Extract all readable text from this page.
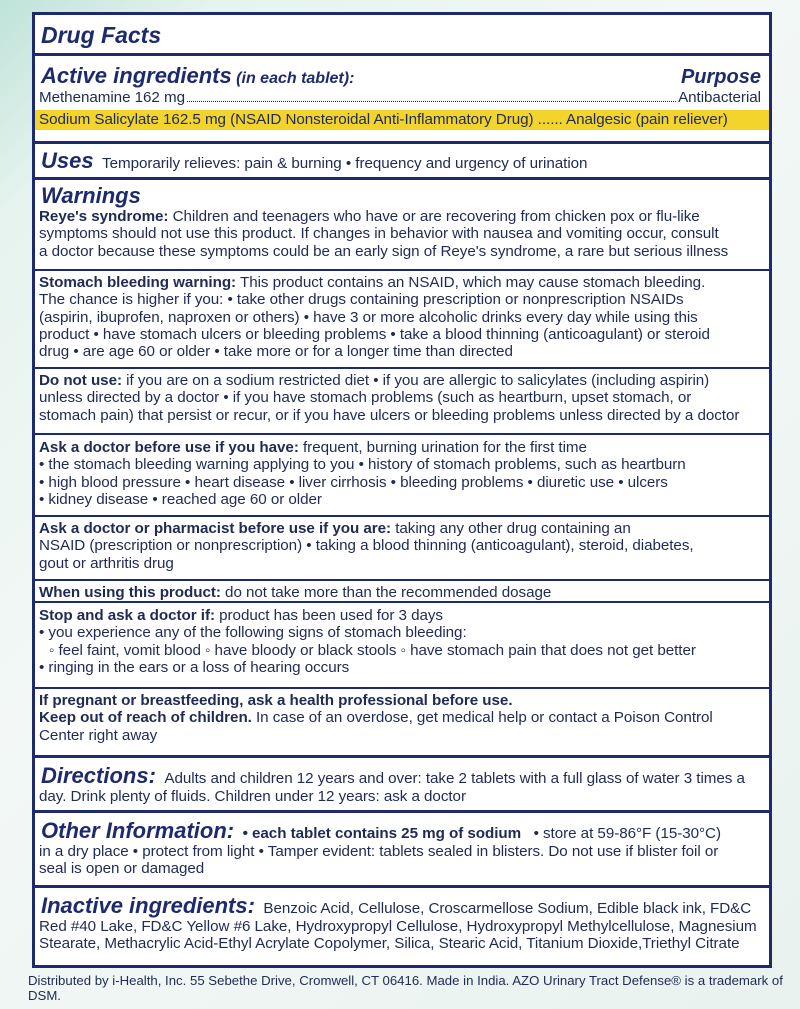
Drug Facts
Active ingredients (in each tablet):	Purpose
Methenamine 162 mg	Antibacterial
Sodium Salicylate 162.5 mg (NSAID Nonsteroidal Anti-Inflammatory Drug) ...... Analgesic (pain reliever)
Uses Temporarily relieves: pain & burning • frequency and urgency of urination
Warnings
Reye's syndrome: Children and teenagers who have or are recovering from chicken pox or flu-like
symptoms should not use this product. If changes in behavior with nausea and vomiting occur, consult
a doctor because these symptoms could be an early sign of Reye's syndrome, a rare but serious illness
Stomach bleeding warning: This product contains an NSAID, which may cause stomach bleeding.
The chance is higher if you: • take other drugs containing prescription or nonprescription NSAIDs
(aspirin, ibuprofen, naproxen or others) • have 3 or more alcoholic drinks every day while using this
product • have stomach ulcers or bleeding problems • take a blood thinning (anticoagulant) or steroid
drug • are age 60 or older • take more or for a longer time than directed
Do not use: if you are on a sodium restricted diet • if you are allergic to salicylates (including aspirin)
unless directed by a doctor • if you have stomach problems (such as heartburn, upset stomach, or
stomach pain) that persist or recur, or if you have ulcers or bleeding problems unless directed by a doctor
Ask a doctor before use if you have: frequent, burning urination for the first time
• the stomach bleeding warning applying to you • history of stomach problems, such as heartburn
• high blood pressure • heart disease • liver cirrhosis • bleeding problems • diuretic use • ulcers
• kidney disease • reached age 60 or older
Ask a doctor or pharmacist before use if you are: taking any other drug containing an
NSAID (prescription or nonprescription) • taking a blood thinning (anticoagulant), steroid, diabetes,
gout or arthritis drug
When using this product: do not take more than the recommended dosage
Stop and ask a doctor if: product has been used for 3 days
• you experience any of the following signs of stomach bleeding:
◦ feel faint, vomit blood ◦ have bloody or black stools ◦ have stomach pain that does not get better
• ringing in the ears or a loss of hearing occurs
If pregnant or breastfeeding, ask a health professional before use.
Keep out of reach of children. In case of an overdose, get medical help or contact a Poison Control
Center right away
Directions: Adults and children 12 years and over: take 2 tablets with a full glass of water 3 times a
day. Drink plenty of fluids. Children under 12 years: ask a doctor
Other Information: • each tablet contains 25 mg of sodium • store at 59-86°F (15-30°C)
in a dry place • protect from light • Tamper evident: tablets sealed in blisters. Do not use if blister foil or
seal is open or damaged
Inactive ingredients: Benzoic Acid, Cellulose, Croscarmellose Sodium, Edible black ink, FD&C
Red #40 Lake, FD&C Yellow #6 Lake, Hydroxypropyl Cellulose, Hydroxypropyl Methylcellulose, Magnesium
Stearate, Methacrylic Acid-Ethyl Acrylate Copolymer, Silica, Stearic Acid, Titanium Dioxide,Triethyl Citrate
Distributed by i-Health, Inc. 55 Sebethe Drive, Cromwell, CT 06416. Made in India. AZO Urinary Tract Defense® is a trademark of DSM.
